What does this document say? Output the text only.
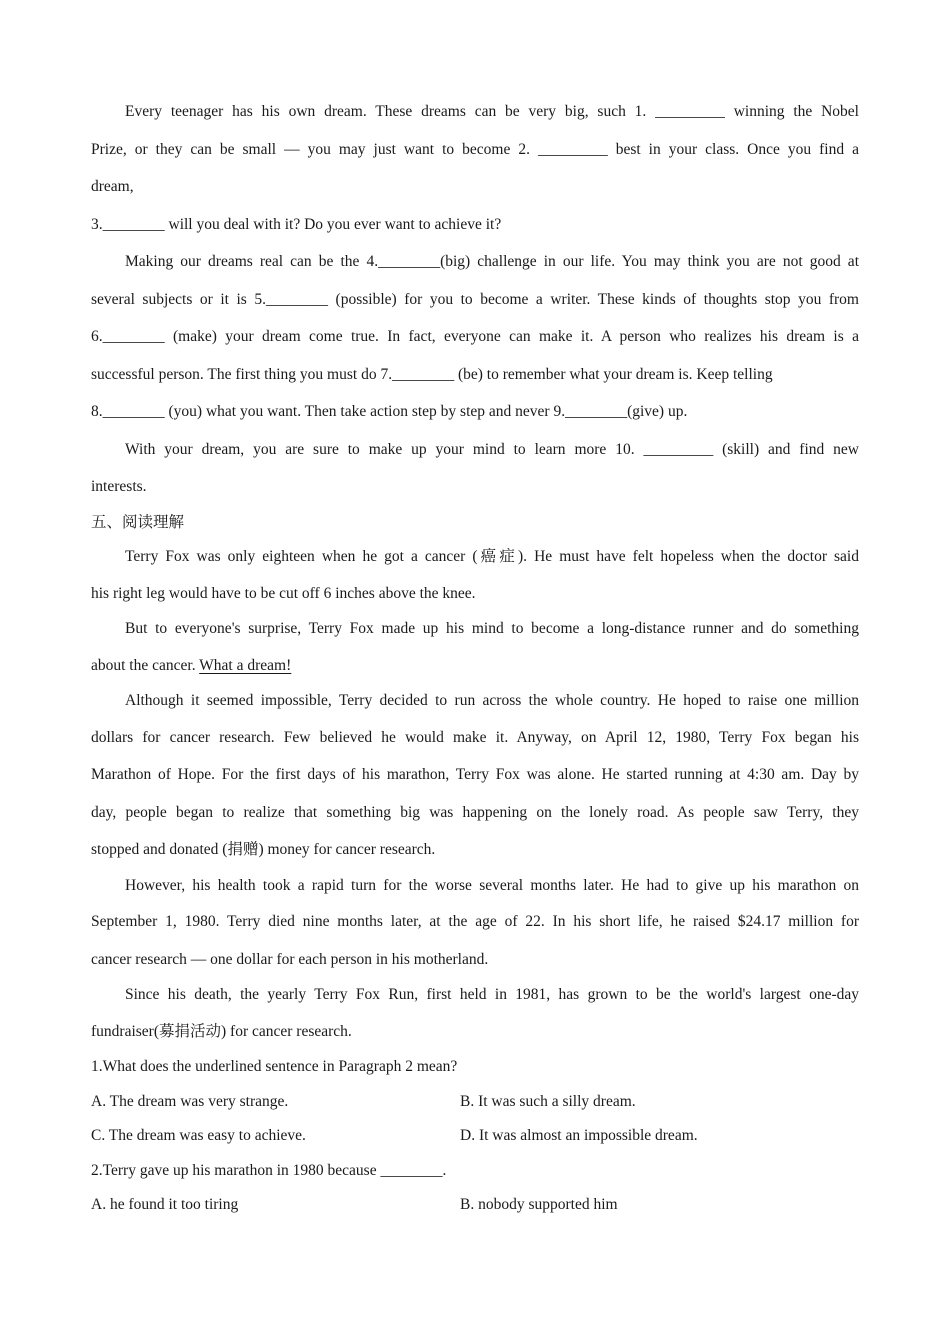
Every teenager has his own dream. These dreams can be very big, such 1. _________ winning the Nobel

Prize, or they can be small — you may just want to become 2. _________ best in your class. Once you find a

dream,

3.________ will you deal with it? Do you ever want to achieve it?

Making our dreams real can be the 4.________(big) challenge in our life. You may think you are not good at

several subjects or it is 5.________ (possible) for you to become a writer. These kinds of thoughts stop you from

6.________ (make) your dream come true. In fact, everyone can make it. A person who realizes his dream is a

successful person. The first thing you must do 7.________ (be) to remember what your dream is. Keep telling

8.________ (you) what you want. Then take action step by step and never 9.________(give) up.

With your dream, you are sure to make up your mind to learn more 10. _________ (skill) and find new

interests.

五、阅读理解

Terry Fox was only eighteen when he got a cancer (癌症). He must have felt hopeless when the doctor said

his right leg would have to be cut off 6 inches above the knee.

But to everyone's surprise, Terry Fox made up his mind to become a long-distance runner and do something

about the cancer. What a dream!

Although it seemed impossible, Terry decided to run across the whole country. He hoped to raise one million

dollars for cancer research. Few believed he would make it. Anyway, on April 12, 1980, Terry Fox began his

Marathon of Hope. For the first days of his marathon, Terry Fox was alone. He started running at 4:30 am. Day by

day, people began to realize that something big was happening on the lonely road. As people saw Terry, they

stopped and donated (捐赠) money for cancer research.

However, his health took a rapid turn for the worse several months later. He had to give up his marathon on

September 1, 1980. Terry died nine months later, at the age of 22. In his short life, he raised $24.17 million for

cancer research — one dollar for each person in his motherland.

Since his death, the yearly Terry Fox Run, first held in 1981, has grown to be the world's largest one-day

fundraiser(募捐活动) for cancer research.

1.What does the underlined sentence in Paragraph 2 mean?

A. The dream was very strange.	B. It was such a silly dream.
C. The dream was easy to achieve.	D. It was almost an impossible dream.

2.Terry gave up his marathon in 1980 because ________.

A. he found it too tiring	B. nobody supported him
